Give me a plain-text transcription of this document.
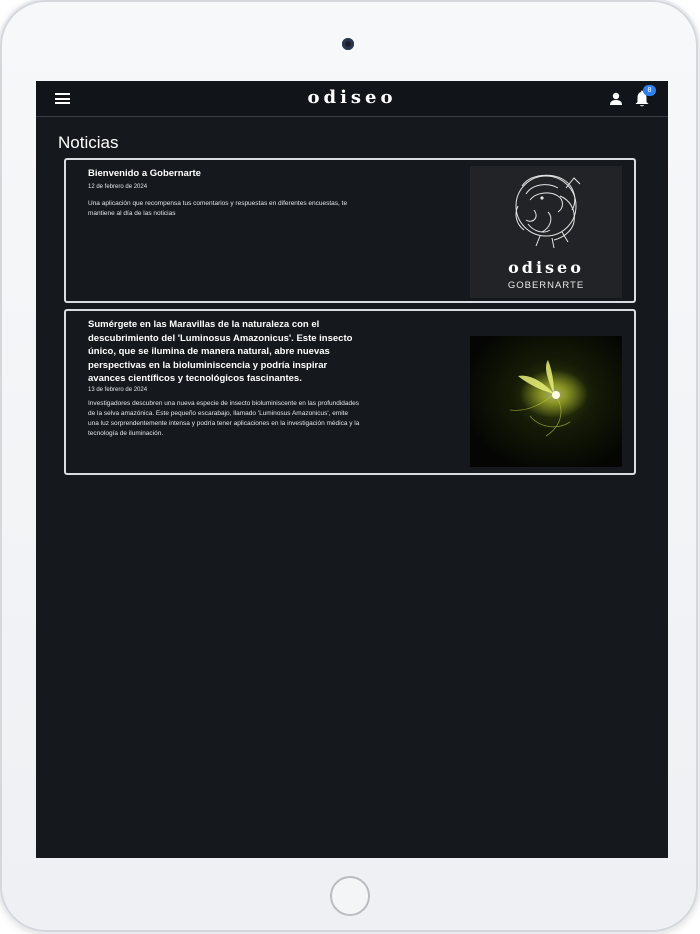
odiseo	8
Noticias

Bienvenido a Gobernarte

12 de febrero de 2024
Una aplicación que recompensa tus comentarios y respuestas en diferentes encuestas, te mantiene al día de las noticias
odiseo
GOBERNARTE

Sumérgete en las Maravillas de la naturaleza con el descubrimiento del 'Luminosus Amazonicus'. Este insecto único, que se ilumina de manera natural, abre nuevas perspectivas en la bioluminiscencia y podría inspirar avances científicos y tecnológicos fascinantes.

13 de febrero de 2024
Investigadores descubren una nueva especie de insecto bioluminiscente en las profundidades de la selva amazónica. Este pequeño escarabajo, llamado 'Luminosus Amazonicus', emite una luz sorprendentemente intensa y podría tener aplicaciones en la investigación médica y la tecnología de iluminación.
